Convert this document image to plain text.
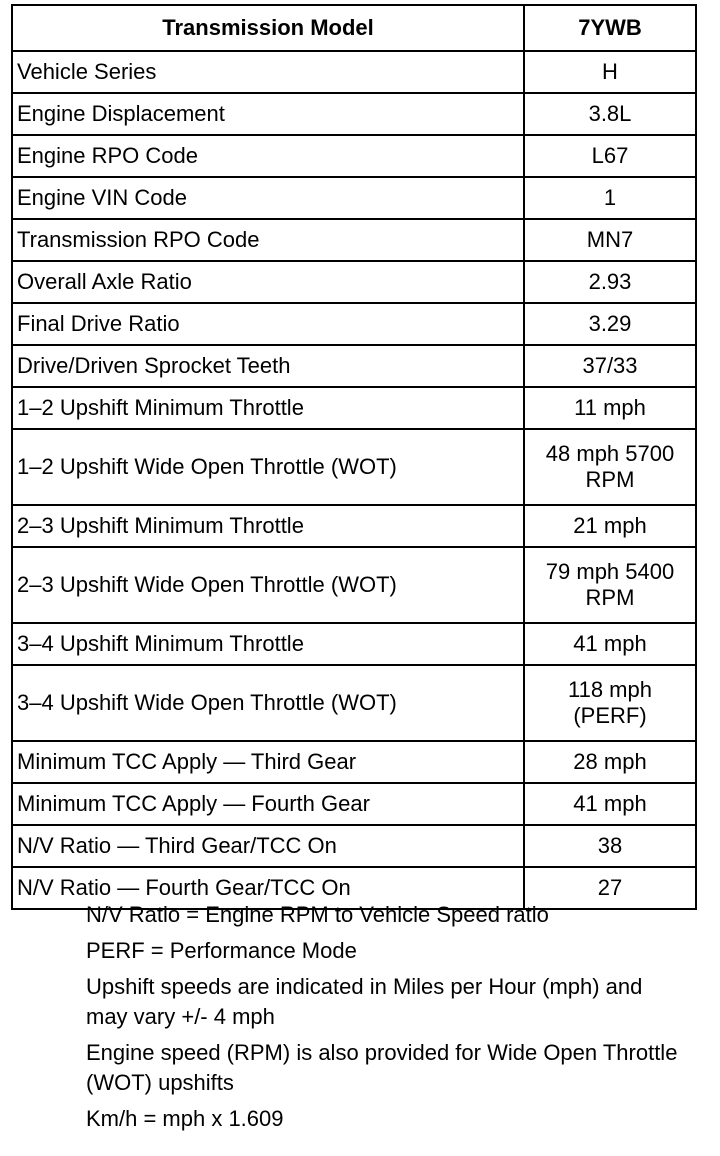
Transmission Model	7YWB
Vehicle Series	H
Engine Displacement	3.8L
Engine RPO Code	L67
Engine VIN Code	1
Transmission RPO Code	MN7
Overall Axle Ratio	2.93
Final Drive Ratio	3.29
Drive/Driven Sprocket Teeth	37/33
1–2 Upshift Minimum Throttle	11 mph
1–2 Upshift Wide Open Throttle (WOT)	48 mph 5700 RPM
2–3 Upshift Minimum Throttle	21 mph
2–3 Upshift Wide Open Throttle (WOT)	79 mph 5400 RPM
3–4 Upshift Minimum Throttle	41 mph
3–4 Upshift Wide Open Throttle (WOT)	118 mph (PERF)
Minimum TCC Apply — Third Gear	28 mph
Minimum TCC Apply — Fourth Gear	41 mph
N/V Ratio — Third Gear/TCC On	38
N/V Ratio — Fourth Gear/TCC On	27

N/V Ratio = Engine RPM to Vehicle Speed ratio

PERF = Performance Mode

Upshift speeds are indicated in Miles per Hour (mph) and may vary +/- 4 mph

Engine speed (RPM) is also provided for Wide Open Throttle (WOT) upshifts

Km/h = mph x 1.609
